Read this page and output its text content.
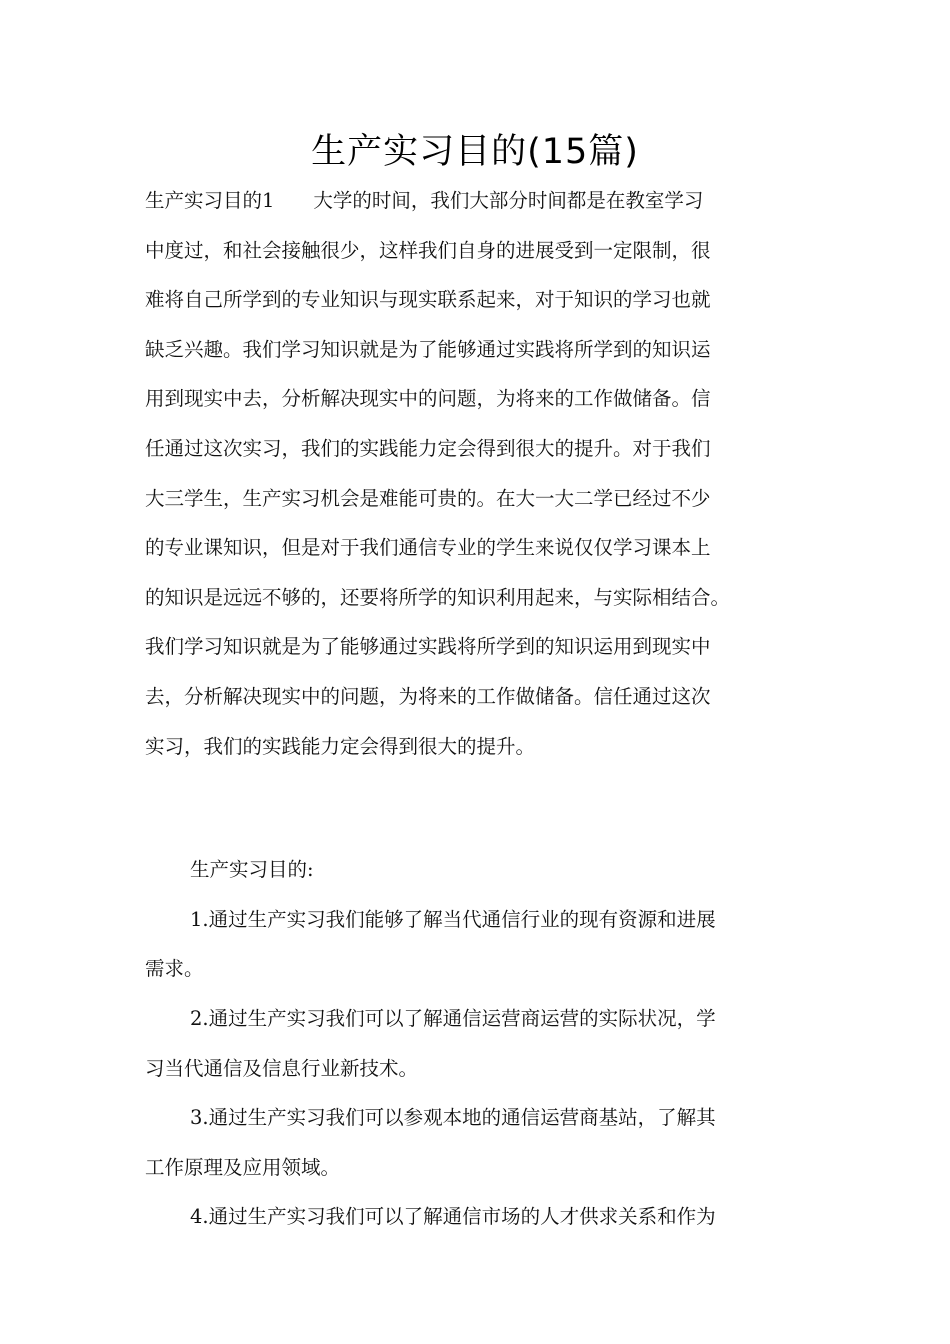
生产实习目的(15篇)

生产实习目的1　　大学的时间，我们大部分时间都是在教室学习

中度过，和社会接触很少，这样我们自身的进展受到一定限制，很

难将自己所学到的专业知识与现实联系起来，对于知识的学习也就

缺乏兴趣。我们学习知识就是为了能够通过实践将所学到的知识运

用到现实中去，分析解决现实中的问题，为将来的工作做储备。信

任通过这次实习，我们的实践能力定会得到很大的提升。对于我们

大三学生，生产实习机会是难能可贵的。在大一大二学已经过不少

的专业课知识，但是对于我们通信专业的学生来说仅仅学习课本上

的知识是远远不够的，还要将所学的知识利用起来，与实际相结合。

我们学习知识就是为了能够通过实践将所学到的知识运用到现实中

去，分析解决现实中的问题，为将来的工作做储备。信任通过这次

实习，我们的实践能力定会得到很大的提升。

生产实习目的:

1.通过生产实习我们能够了解当代通信行业的现有资源和进展

需求。

2.通过生产实习我们可以了解通信运营商运营的实际状况，学

习当代通信及信息行业新技术。

3.通过生产实习我们可以参观本地的通信运营商基站，了解其

工作原理及应用领域。

4.通过生产实习我们可以了解通信市场的人才供求关系和作为
